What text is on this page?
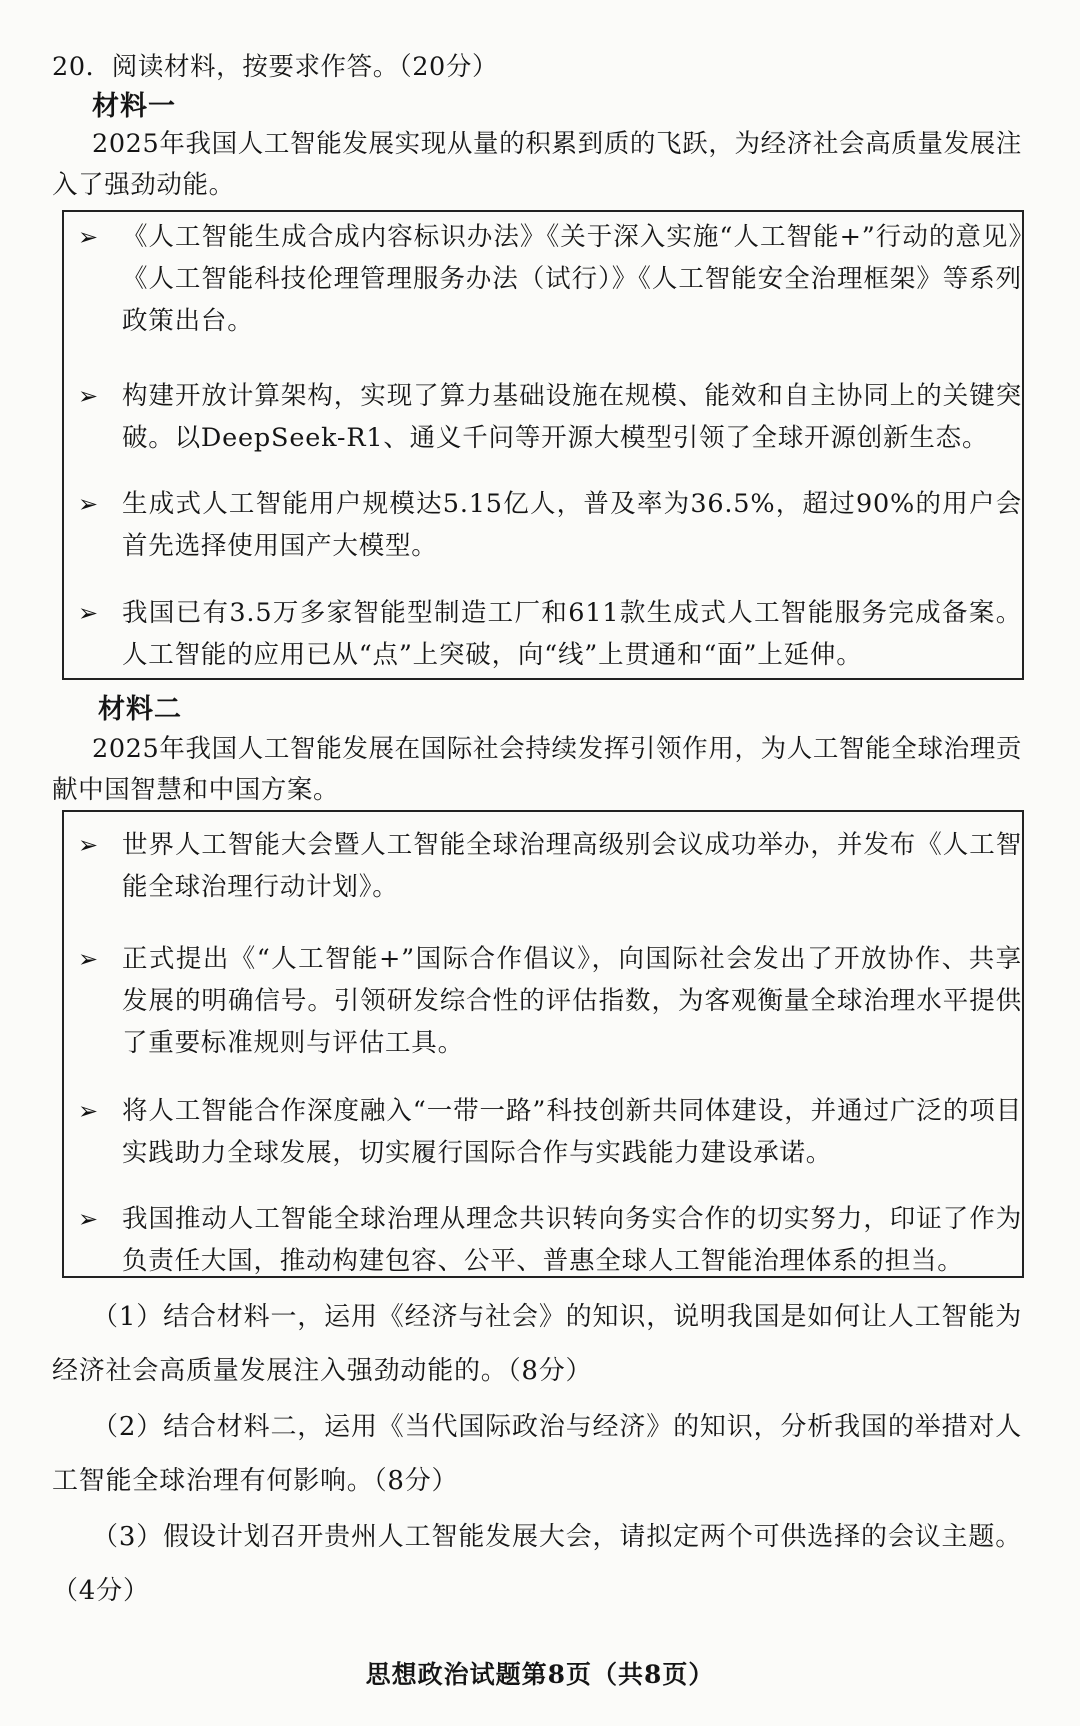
20．阅读材料，按要求作答。（20分）
材料一
2025年我国人工智能发展实现从量的积累到质的飞跃，为经济社会高质量发展注入了强劲动能。
➢ 《人工智能生成合成内容标识办法》《关于深入实施“人工智能+”行动的意见》《人工智能科技伦理管理服务办法（试行）》《人工智能安全治理框架》等系列政策出台。
➢ 构建开放计算架构，实现了算力基础设施在规模、能效和自主协同上的关键突破。以DeepSeek-R1、通义千问等开源大模型引领了全球开源创新生态。
➢ 生成式人工智能用户规模达5.15亿人，普及率为36.5%，超过90%的用户会首先选择使用国产大模型。
➢ 我国已有3.5万多家智能型制造工厂和611款生成式人工智能服务完成备案。人工智能的应用已从“点”上突破，向“线”上贯通和“面”上延伸。
材料二
2025年我国人工智能发展在国际社会持续发挥引领作用，为人工智能全球治理贡献中国智慧和中国方案。
➢ 世界人工智能大会暨人工智能全球治理高级别会议成功举办，并发布《人工智能全球治理行动计划》。
➢ 正式提出《“人工智能+”国际合作倡议》，向国际社会发出了开放协作、共享发展的明确信号。引领研发综合性的评估指数，为客观衡量全球治理水平提供了重要标准规则与评估工具。
➢ 将人工智能合作深度融入“一带一路”科技创新共同体建设，并通过广泛的项目实践助力全球发展，切实履行国际合作与实践能力建设承诺。
➢ 我国推动人工智能全球治理从理念共识转向务实合作的切实努力，印证了作为负责任大国，推动构建包容、公平、普惠全球人工智能治理体系的担当。
（1）结合材料一，运用《经济与社会》的知识，说明我国是如何让人工智能为经济社会高质量发展注入强劲动能的。（8分）
（2）结合材料二，运用《当代国际政治与经济》的知识，分析我国的举措对人工智能全球治理有何影响。（8分）
（3）假设计划召开贵州人工智能发展大会，请拟定两个可供选择的会议主题。（4分）
思想政治试题第8页（共8页）
